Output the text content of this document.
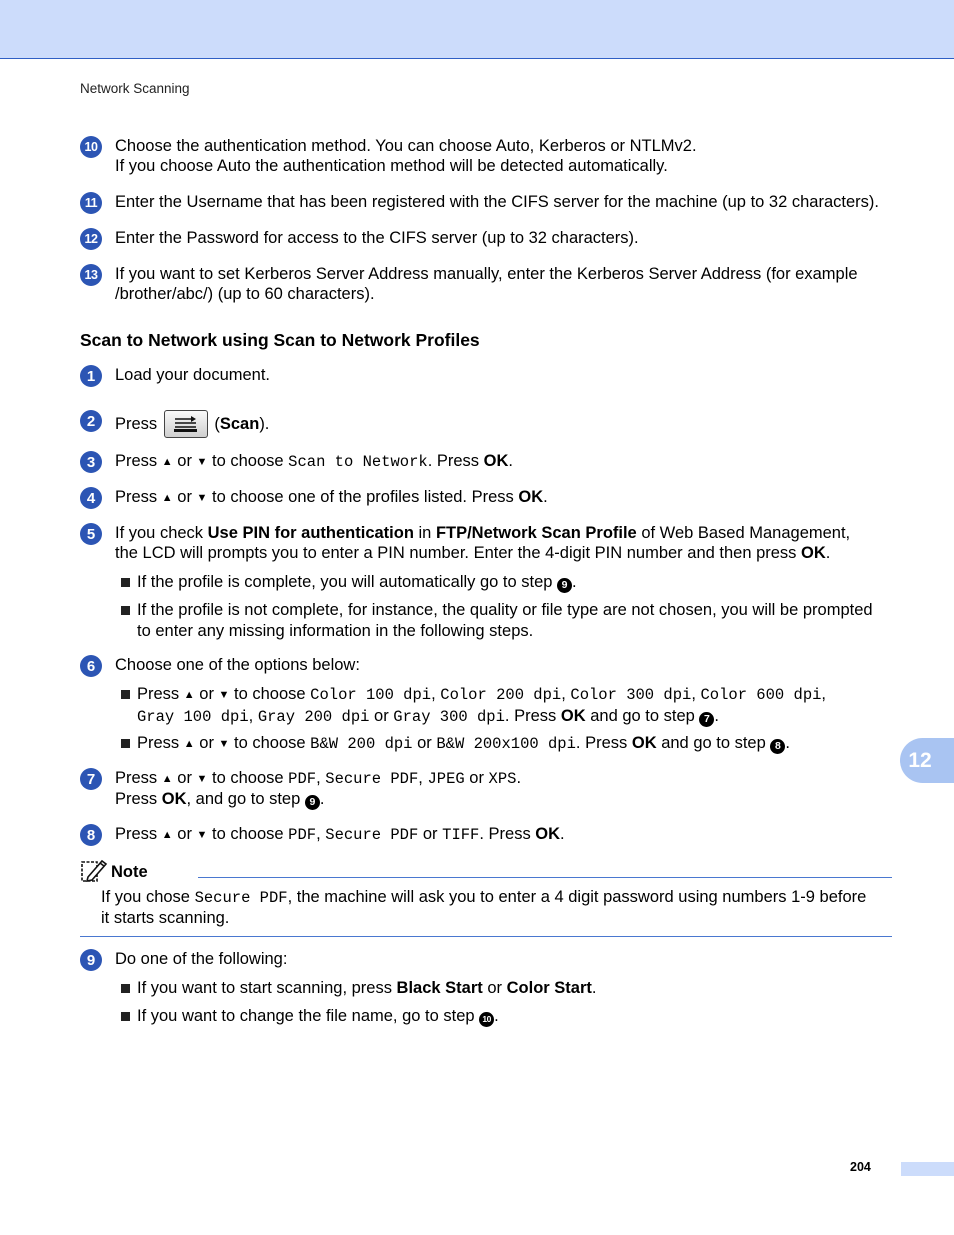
Network Scanning
10 Choose the authentication method. You can choose Auto, Kerberos or NTLMv2.
If you choose Auto the authentication method will be detected automatically.
11 Enter the Username that has been registered with the CIFS server for the machine (up to 32 characters).
12 Enter the Password for access to the CIFS server (up to 32 characters).
13 If you want to set Kerberos Server Address manually, enter the Kerberos Server Address (for example
/brother/abc/) (up to 60 characters).
Scan to Network using Scan to Network Profiles
1	Load your document.
2	Press	(Scan).
3	Press ▲ or ▼ to choose Scan to Network. Press OK.
4	Press ▲ or ▼ to choose one of the profiles listed. Press OK.
5	If you check Use PIN for authentication in FTP/Network Scan Profile of Web Based Management,
the LCD will prompts you to enter a PIN number. Enter the 4-digit PIN number and then press OK.
If the profile is complete, you will automatically go to step 9 .
If the profile is not complete, for instance, the quality or file type are not chosen, you will be prompted
to enter any missing information in the following steps.
6	Choose one of the options below:
Press ▲ or ▼ to choose Color 100 dpi, Color 200 dpi, Color 300 dpi, Color 600 dpi,
Gray 100 dpi, Gray 200 dpi or Gray 300 dpi. Press OK and go to step 7 .
Press ▲ or ▼ to choose B&W 200 dpi or B&W 200x100 dpi. Press OK and go to step 8 .
7	Press ▲ or ▼ to choose PDF, Secure PDF, JPEG or XPS.
Press OK, and go to step 9 .
8	Press ▲ or ▼ to choose PDF, Secure PDF or TIFF. Press OK.
Note
If you chose Secure PDF, the machine will ask you to enter a 4 digit password using numbers 1-9 before
it starts scanning.
9	Do one of the following:
If you want to start scanning, press Black Start or Color Start.
If you want to change the file name, go to step 10 .
12
204
